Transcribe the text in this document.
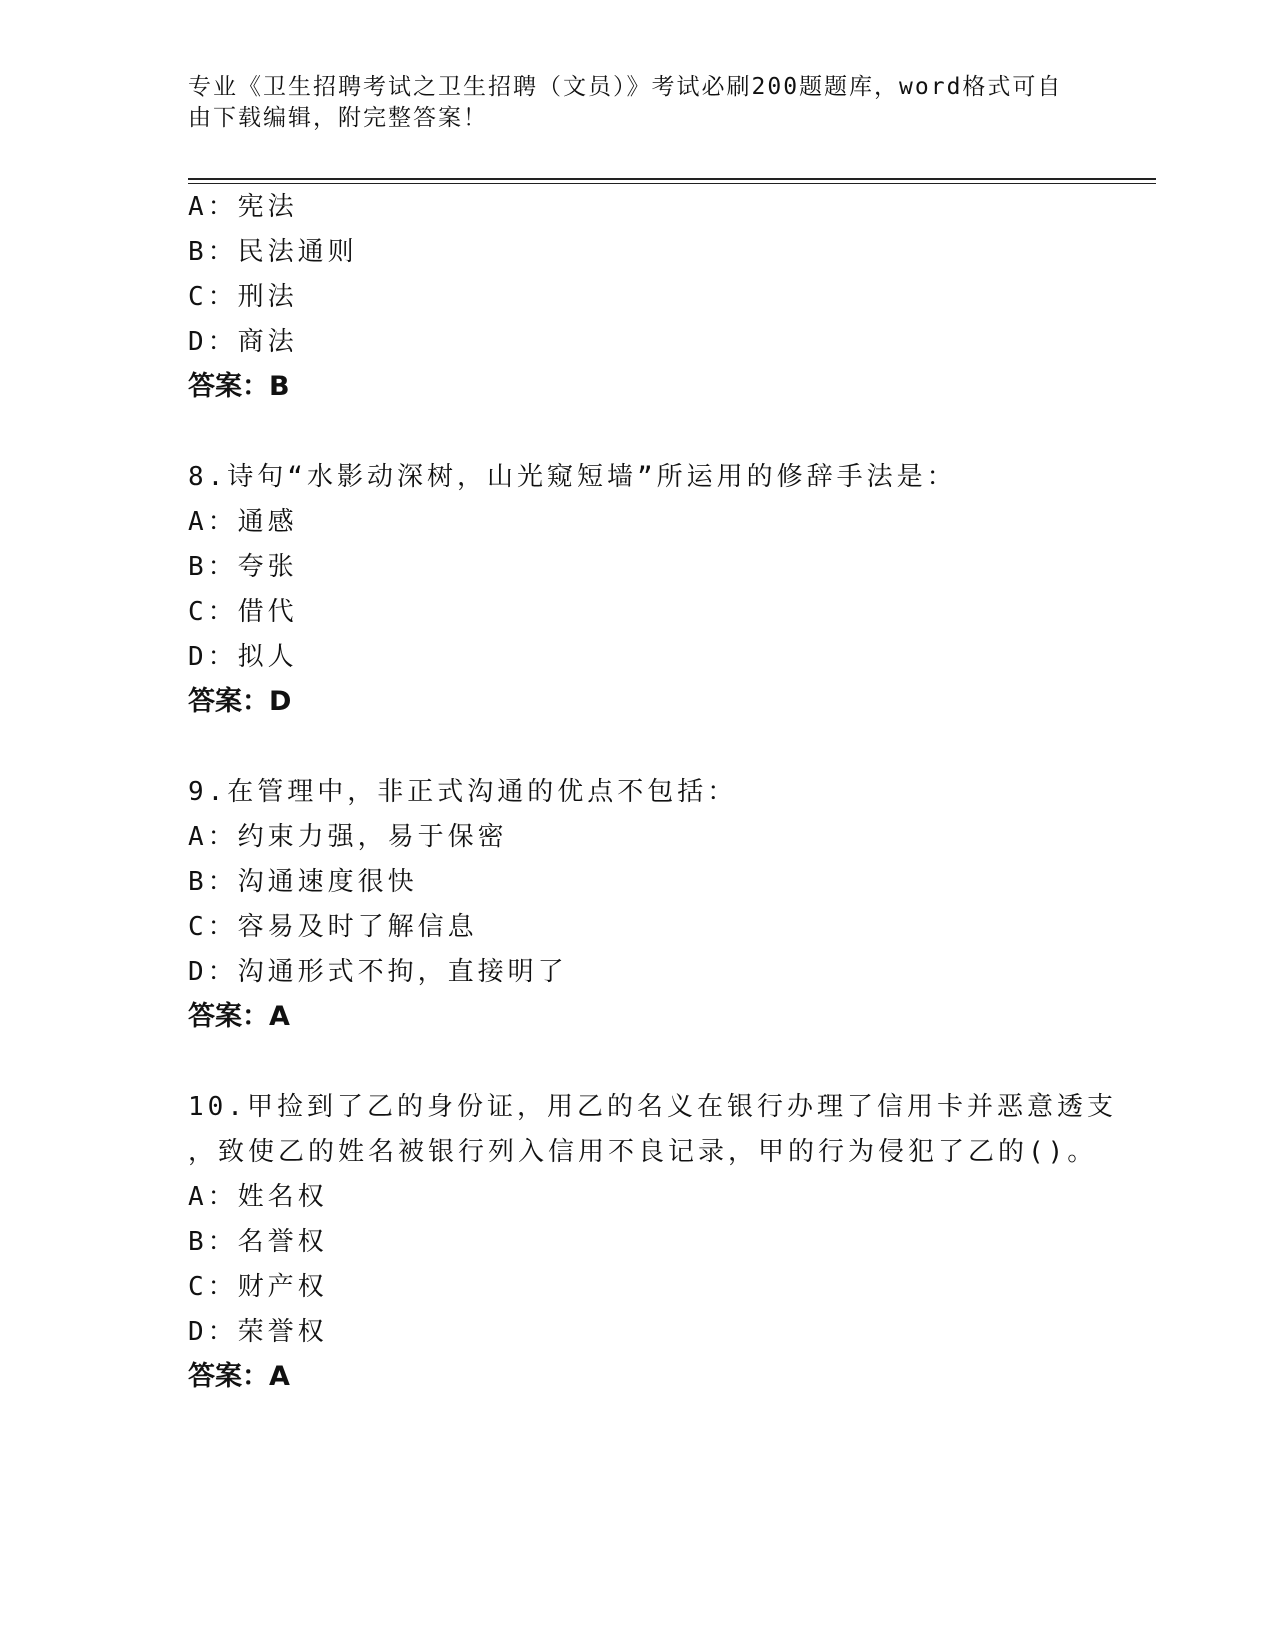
专业《卫生招聘考试之卫生招聘（文员）》考试必刷200题题库，word格式可自
由下载编辑，附完整答案！
A：宪法
B：民法通则
C：刑法
D：商法
答案：B
8.诗句“水影动深树，山光窥短墙”所运用的修辞手法是：
A：通感
B：夸张
C：借代
D：拟人
答案：D
9.在管理中，非正式沟通的优点不包括：
A：约束力强，易于保密
B：沟通速度很快
C：容易及时了解信息
D：沟通形式不拘，直接明了
答案：A
10.甲捡到了乙的身份证，用乙的名义在银行办理了信用卡并恶意透支
，致使乙的姓名被银行列入信用不良记录，甲的行为侵犯了乙的()。
A：姓名权
B：名誉权
C：财产权
D：荣誉权
答案：A
